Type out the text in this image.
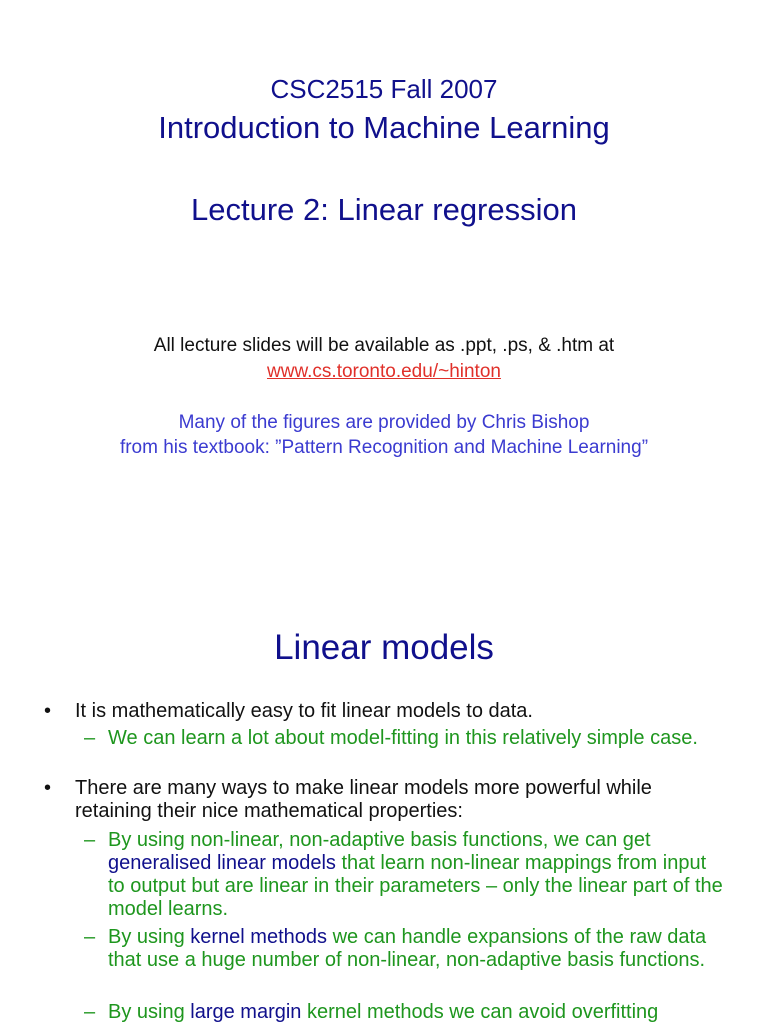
CSC2515 Fall 2007
Introduction to Machine Learning
Lecture 2: Linear regression
All lecture slides will be available as .ppt, .ps, & .htm at
www.cs.toronto.edu/~hinton
Many of the figures are provided by Chris Bishop
from his textbook: ”Pattern Recognition and Machine Learning”
Linear models
• It is mathematically easy to fit linear models to data.
– We can learn a lot about model-fitting in this relatively simple case.
• There are many ways to make linear models more powerful while retaining their nice mathematical properties:
– By using non-linear, non-adaptive basis functions, we can get generalised linear models that learn non-linear mappings from input to output but are linear in their parameters – only the linear part of the model learns.
– By using kernel methods we can handle expansions of the raw data that use a huge number of non-linear, non-adaptive basis functions.
– By using large margin kernel methods we can avoid overfitting
